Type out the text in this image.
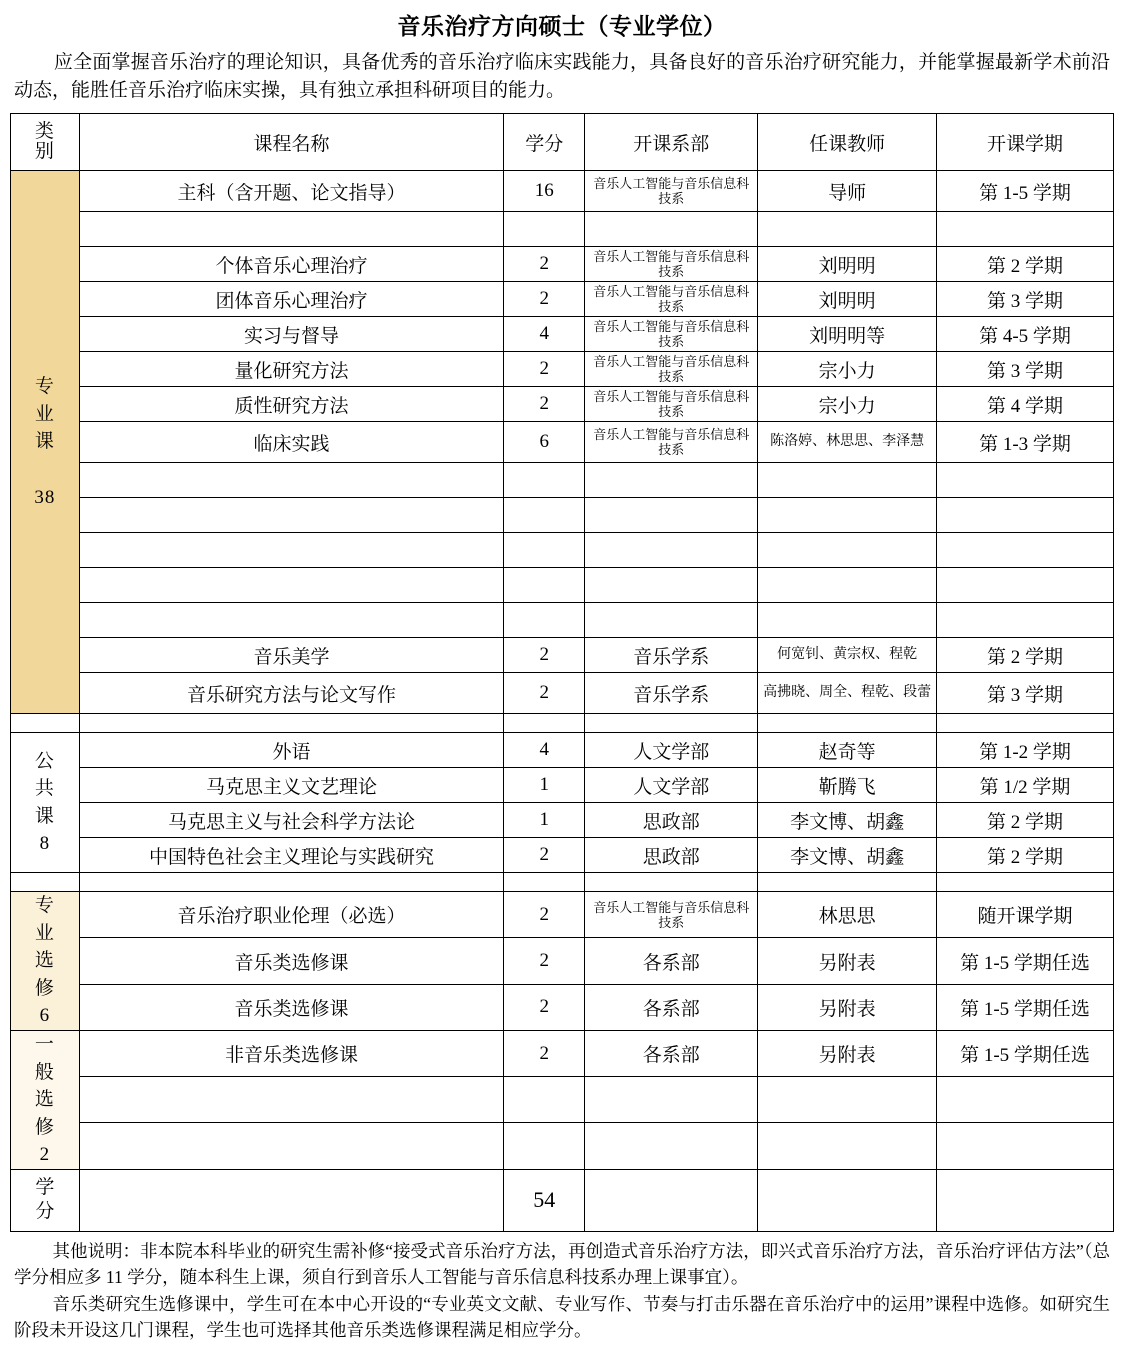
音乐治疗方向硕士（专业学位）
应全面掌握音乐治疗的理论知识，具备优秀的音乐治疗临床实践能力，具备良好的音乐治疗研究能力，并能掌握最新学术前沿动态，能胜任音乐治疗临床实操，具有独立承担科研项目的能力。
类
别	课程名称	学分	开课系部	任课教师	开课学期
专
业
课

38	主科（含开题、论文指导）	16	音乐人工智能与音乐信息科技系	导师	第 1-5 学期

	个体音乐心理治疗	2	音乐人工智能与音乐信息科技系	刘明明	第 2 学期
	团体音乐心理治疗	2	音乐人工智能与音乐信息科技系	刘明明	第 3 学期
	实习与督导	4	音乐人工智能与音乐信息科技系	刘明明等	第 4-5 学期
	量化研究方法	2	音乐人工智能与音乐信息科技系	宗小力	第 3 学期
	质性研究方法	2	音乐人工智能与音乐信息科技系	宗小力	第 4 学期
	临床实践	6	音乐人工智能与音乐信息科技系	陈洛婷、林思思、李泽慧	第 1-3 学期

	音乐美学	2	音乐学系	何宽钊、黄宗权、程乾	第 2 学期
	音乐研究方法与论文写作	2	音乐学系	高拂晓、周全、程乾、段蕾	第 3 学期

公
共
课
8	外语	4	人文学部	赵奇等	第 1-2 学期
	马克思主义文艺理论	1	人文学部	靳腾飞	第 1/2 学期
	马克思主义与社会科学方法论	1	思政部	李文博、胡鑫	第 2 学期
	中国特色社会主义理论与实践研究	2	思政部	李文博、胡鑫	第 2 学期

专
业
选
修
6	音乐治疗职业伦理（必选）	2	音乐人工智能与音乐信息科技系	林思思	随开课学期
	音乐类选修课	2	各系部	另附表	第 1-5 学期任选
	音乐类选修课	2	各系部	另附表	第 1-5 学期任选
一
般
选
修
2	非音乐类选修课	2	各系部	另附表	第 1-5 学期任选

学
分		54			

其他说明：非本院本科毕业的研究生需补修“接受式音乐治疗方法，再创造式音乐治疗方法，即兴式音乐治疗方法，音乐治疗评估方法”（总学分相应多 11 学分，随本科生上课，须自行到音乐人工智能与音乐信息科技系办理上课事宜）。

音乐类研究生选修课中，学生可在本中心开设的“专业英文文献、专业写作、节奏与打击乐器在音乐治疗中的运用”课程中选修。如研究生阶段未开设这几门课程，学生也可选择其他音乐类选修课程满足相应学分。
